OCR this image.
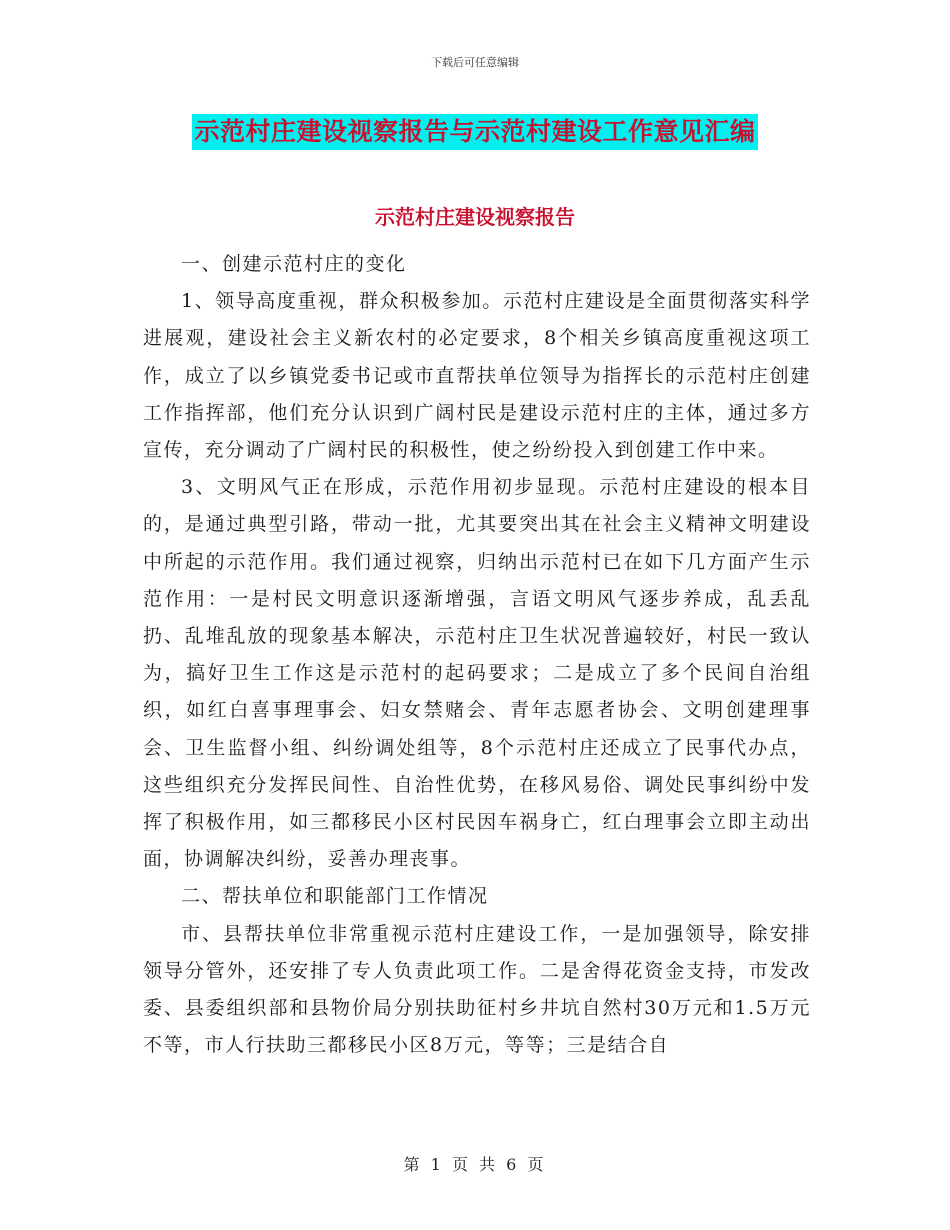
下载后可任意编辑
示范村庄建设视察报告与示范村建设工作意见汇编
示范村庄建设视察报告

一、创建示范村庄的变化

1、领导高度重视，群众积极参加。示范村庄建设是全面贯彻落实科学进展观，建设社会主义新农村的必定要求，8个相关乡镇高度重视这项工作，成立了以乡镇党委书记或市直帮扶单位领导为指挥长的示范村庄创建工作指挥部，他们充分认识到广阔村民是建设示范村庄的主体，通过多方宣传，充分调动了广阔村民的积极性，使之纷纷投入到创建工作中来。

3、文明风气正在形成，示范作用初步显现。示范村庄建设的根本目的，是通过典型引路，带动一批，尤其要突出其在社会主义精神文明建设中所起的示范作用。我们通过视察，归纳出示范村已在如下几方面产生示范作用：一是村民文明意识逐渐增强，言语文明风气逐步养成，乱丢乱扔、乱堆乱放的现象基本解决，示范村庄卫生状况普遍较好，村民一致认为，搞好卫生工作这是示范村的起码要求；二是成立了多个民间自治组织，如红白喜事理事会、妇女禁赌会、青年志愿者协会、文明创建理事会、卫生监督小组、纠纷调处组等，8个示范村庄还成立了民事代办点，这些组织充分发挥民间性、自治性优势，在移风易俗、调处民事纠纷中发挥了积极作用，如三都移民小区村民因车祸身亡，红白理事会立即主动出面，协调解决纠纷，妥善办理丧事。

二、帮扶单位和职能部门工作情况

市、县帮扶单位非常重视示范村庄建设工作，一是加强领导，除安排领导分管外，还安排了专人负责此项工作。二是舍得花资金支持，市发改委、县委组织部和县物价局分别扶助征村乡井坑自然村30万元和1.5万元不等，市人行扶助三都移民小区8万元，等等；三是结合自

第 1 页 共 6 页
